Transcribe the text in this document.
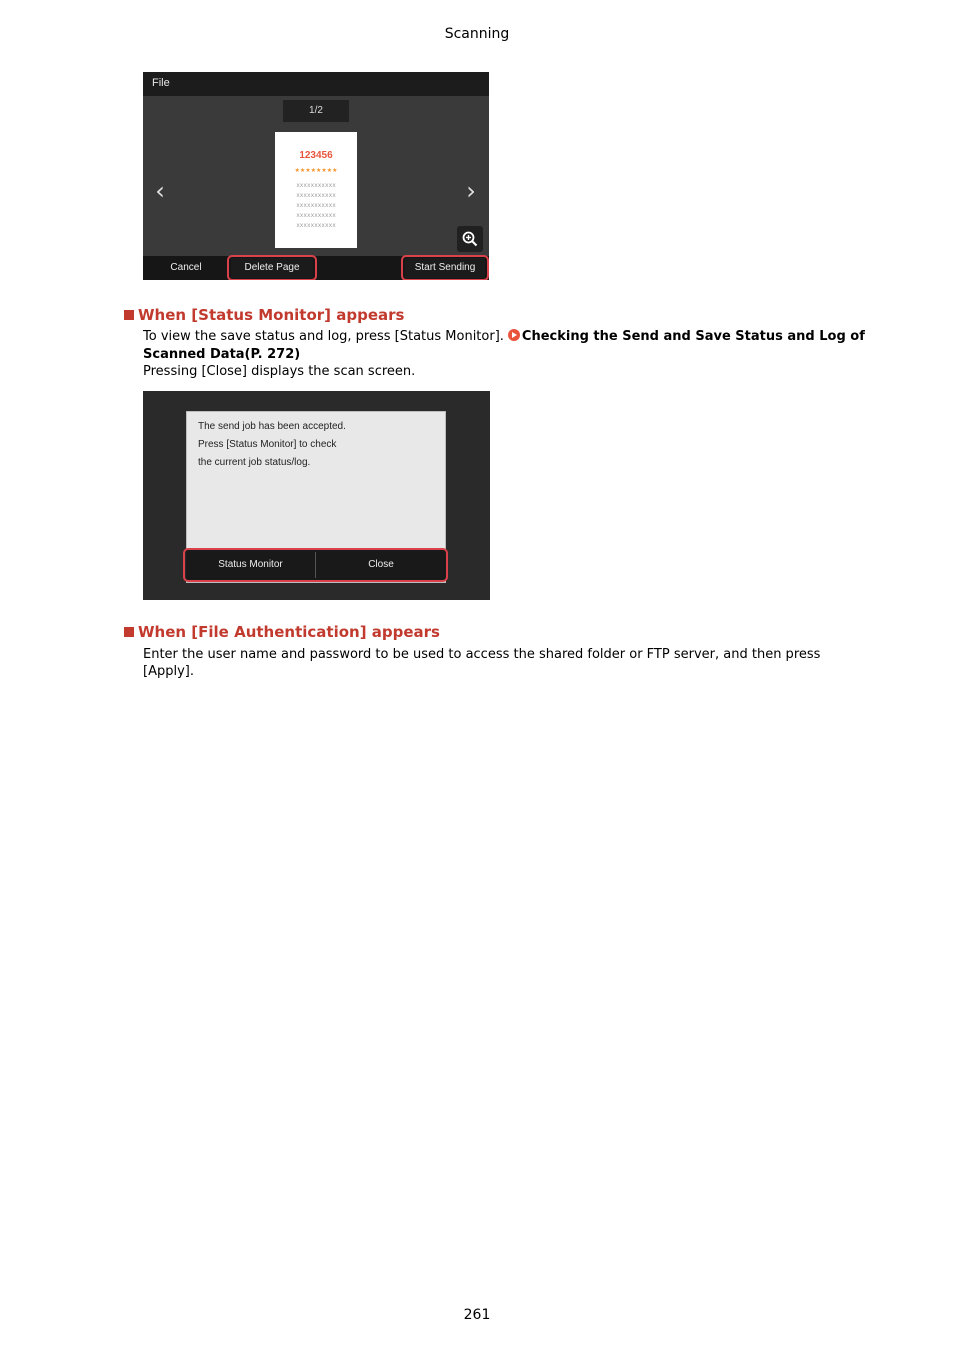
Scanning
File
1/2
123456
★★★★★★★★
xxxxxxxxxxx
xxxxxxxxxxx
xxxxxxxxxxx
xxxxxxxxxxx
xxxxxxxxxxx
‹	›
Cancel	Delete Page	Start Sending
When [Status Monitor] appears
To view the save status and log, press [Status Monitor]. Checking the Send and Save Status and Log of
Scanned Data(P. 272)
Pressing [Close] displays the scan screen.
The send job has been accepted.
Press [Status Monitor] to check
the current job status/log.
Status Monitor	Close
When [File Authentication] appears
Enter the user name and password to be used to access the shared folder or FTP server, and then press
[Apply].
261
